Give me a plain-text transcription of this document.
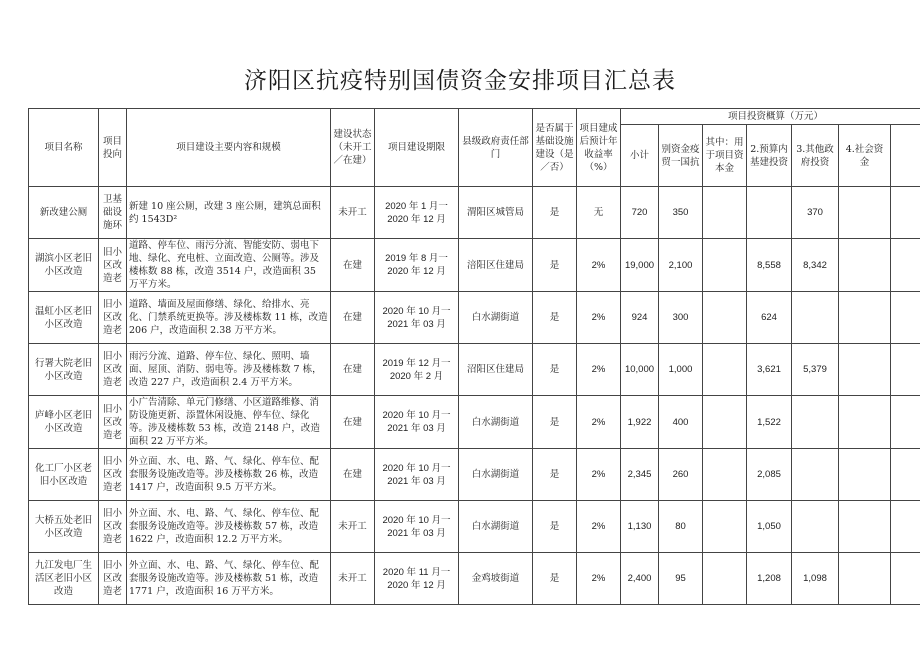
济阳区抗疫特别国债资金安排项目汇总表
项目名称	项目投向	项目建设主要内容和规模	建设状态（未开工／在建）	项目建设期限	县级政府责任部门	是否属于基础设施建设（是／否）	项目建成后预计年收益率（%）	项目投资概算（万元）						
								小计	别资金疫贸一国抗	其中：用于项目资本金	2.预算内基建投资	3.其他政府投资	4.社会资金	
新改建公厕	卫基础设施环	新建 10 座公厕，改建 3 座公厕，建筑总面积约 1543D²	未开工	2020 年 1 月一2020 年 12 月	渭阳区城管局	是	无	720	350			370		
湖滨小区老旧小区改造	旧小区改造老	道路、停车位、雨污分流、智能安防、弱电下地、绿化、充电桩、立面改造、公厕等。涉及楼栋数 88 栋，改造 3514 户，改造面积 35 万平方米。	在建	2019 年 8 月一2020 年 12 月	涪阳区住建局	是	2%	19,000	2,100		8,558	8,342		
温虹小区老旧小区改造	旧小区改造老	道路、墙面及屋面修缮、绿化、给排水、亮化、门禁系统更换等。涉及楼栋数 11 栋，改造 206 户，改造面积 2.38 万平方米。	在建	2020 年 10 月一2021 年 03 月	白水湖街道	是	2%	924	300		624			
行署大院老旧小区改造	旧小区改造老	雨污分流、道路、停车位、绿化、照明、墙面、屋顶、消防、弱电等。涉及楼栋数 7 栋，改造 227 户，改造面积 2.4 万平方米。	在建	2019 年 12 月一2020 年 2 月	沼阳区住建局	是	2%	10,000	1,000		3,621	5,379		
庐峰小区老旧小区改造	旧小区改造老	小广告清除、单元门修缮、小区道路维修、消防设施更新、添置休闲设施、停车位、绿化等。涉及楼栋数 53 栋，改造 2148 户，改造面积 22 万平方米。	在建	2020 年 10 月一2021 年 03 月	白水湖街道	是	2%	1,922	400		1,522			
化工厂小区老旧小区改造	旧小区改造老	外立面、水、电、路、气、绿化、停车位、配套服务设施改造等。涉及楼栋数 26 栋，改造 1417 户，改造面积 9.5 万平方米。	在建	2020 年 10 月一2021 年 03 月	白水湖街道	是	2%	2,345	260		2,085			
大桥五处老旧小区改造	旧小区改造老	外立面、水、电、路、气、绿化、停车位、配套服务设施改造等。涉及楼栋数 57 栋，改造 1622 户，改造面积 12.2 万平方米。	未开工	2020 年 10 月一2021 年 03 月	白水湖街道	是	2%	1,130	80		1,050			
九江发电厂生活区老旧小区改造	旧小区改造老	外立面、水、电、路、气、绿化、停车位、配套服务设施改造等。涉及楼栋数 51 栋，改造 1771 户，改造面积 16 万平方米。	未开工	2020 年 11 月一2020 年 12 月	金鸡坡街道	是	2%	2,400	95		1,208	1,098		
